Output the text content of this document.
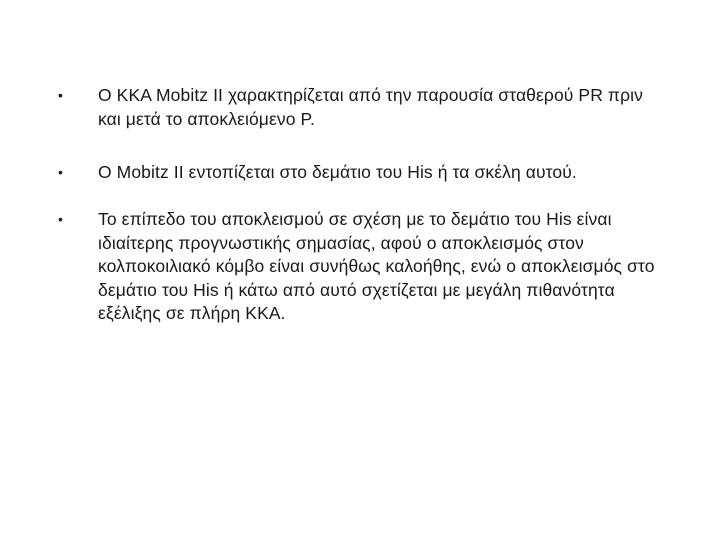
•	Ο ΚΚΑ Mobitz II χαρακτηρίζεται από την παρουσία σταθερού PR πριν και μετά το αποκλειόμενο P.
•	O Mobitz II εντοπίζεται στο δεμάτιο του His ή τα σκέλη αυτού.
•	Το επίπεδο του αποκλεισμού σε σχέση με το δεμάτιο του His είναι ιδιαίτερης προγνωστικής σημασίας, αφού ο αποκλεισμός στον κολποκοιλιακό κόμβο είναι συνήθως καλοήθης, ενώ ο αποκλεισμός στο δεμάτιο του His ή κάτω από αυτό σχετίζεται με μεγάλη πιθανότητα εξέλιξης σε πλήρη ΚΚΑ.
